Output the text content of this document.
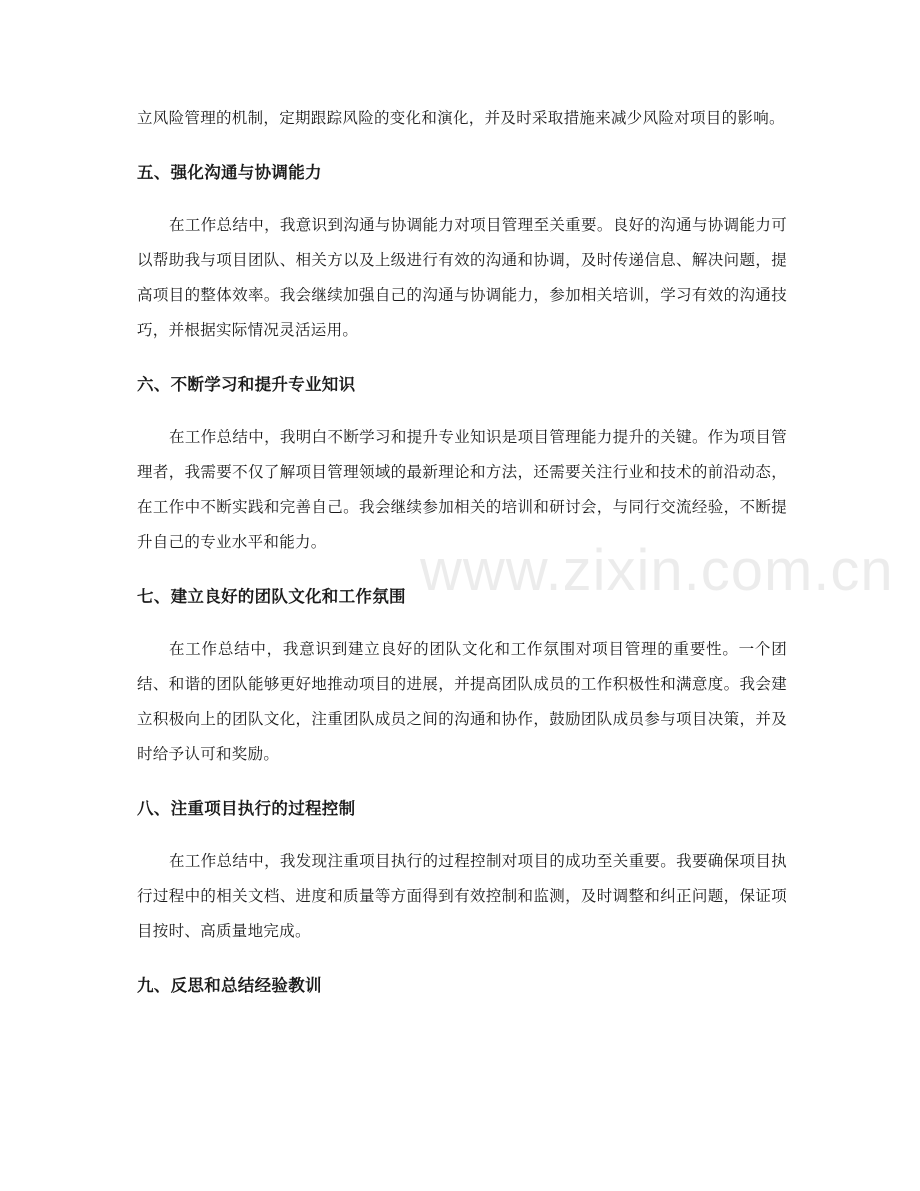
立风险管理的机制，定期跟踪风险的变化和演化，并及时采取措施来减少风险对项目的影响。

五、强化沟通与协调能力

在工作总结中，我意识到沟通与协调能力对项目管理至关重要。良好的沟通与协调能力可以帮助我与项目团队、相关方以及上级进行有效的沟通和协调，及时传递信息、解决问题，提高项目的整体效率。我会继续加强自己的沟通与协调能力，参加相关培训，学习有效的沟通技巧，并根据实际情况灵活运用。

六、不断学习和提升专业知识

在工作总结中，我明白不断学习和提升专业知识是项目管理能力提升的关键。作为项目管理者，我需要不仅了解项目管理领域的最新理论和方法，还需要关注行业和技术的前沿动态，在工作中不断实践和完善自己。我会继续参加相关的培训和研讨会，与同行交流经验，不断提升自己的专业水平和能力。

七、建立良好的团队文化和工作氛围

在工作总结中，我意识到建立良好的团队文化和工作氛围对项目管理的重要性。一个团结、和谐的团队能够更好地推动项目的进展，并提高团队成员的工作积极性和满意度。我会建立积极向上的团队文化，注重团队成员之间的沟通和协作，鼓励团队成员参与项目决策，并及时给予认可和奖励。

八、注重项目执行的过程控制

在工作总结中，我发现注重项目执行的过程控制对项目的成功至关重要。我要确保项目执行过程中的相关文档、进度和质量等方面得到有效控制和监测，及时调整和纠正问题，保证项目按时、高质量地完成。

九、反思和总结经验教训
www.zixin.com.cn
